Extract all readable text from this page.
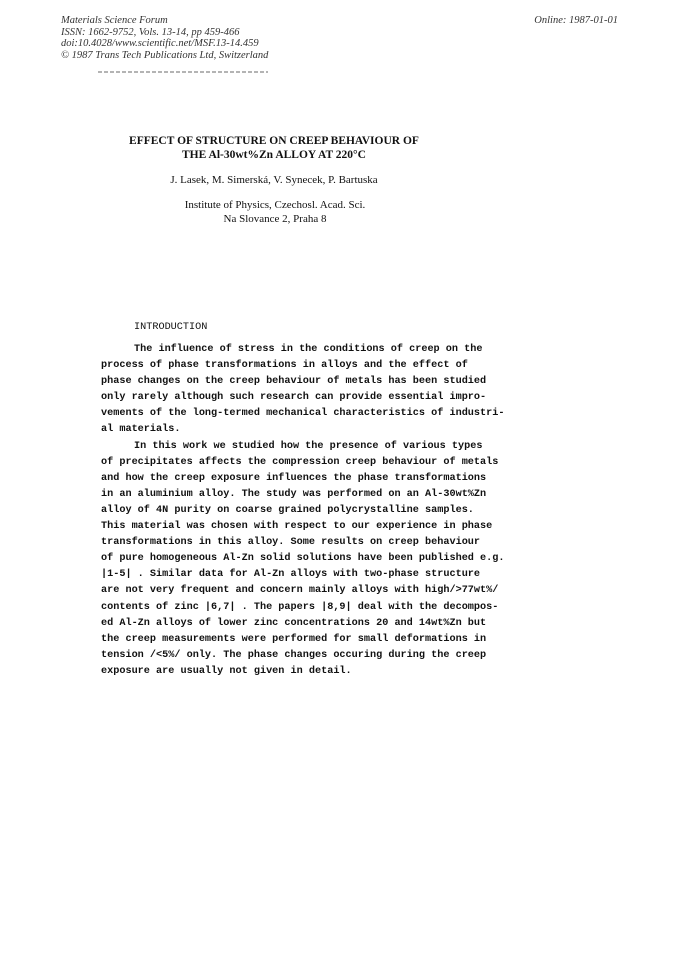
Materials Science Forum
ISSN: 1662-9752, Vols. 13-14, pp 459-466
doi:10.4028/www.scientific.net/MSF.13-14.459
© 1987 Trans Tech Publications Ltd, Switzerland
Online: 1987-01-01
EFFECT OF STRUCTURE ON CREEP BEHAVIOUR OF
THE Al-30wt%Zn ALLOY AT 220°C
J. Lasek, M. Simerská, V. Synecek, P. Bartuska
Institute of Physics, Czechosl. Acad. Sci.
Na Slovance 2, Praha 8
INTRODUCTION
The influence of stress in the conditions of creep on the
process of phase transformations in alloys and the effect of
phase changes on the creep behaviour of metals has been studied
only rarely although such research can provide essential impro-
vements of the long-termed mechanical characteristics of industri-
al materials.
In this work we studied how the presence of various types
of precipitates affects the compression creep behaviour of metals
and how the creep exposure influences the phase transformations
in an aluminium alloy. The study was performed on an Al-30wt%Zn
alloy of 4N purity on coarse grained polycrystalline samples.
This material was chosen with respect to our experience in phase
transformations in this alloy. Some results on creep behaviour
of pure homogeneous Al-Zn solid solutions have been published e.g.
|1-5| . Similar data for Al-Zn alloys with two-phase structure
are not very frequent and concern mainly alloys with high/>77wt%/
contents of zinc |6,7| . The papers |8,9| deal with the decompos-
ed Al-Zn alloys of lower zinc concentrations 20 and 14wt%Zn but
the creep measurements were performed for small deformations in
tension /<5%/ only. The phase changes occuring during the creep
exposure are usually not given in detail.
